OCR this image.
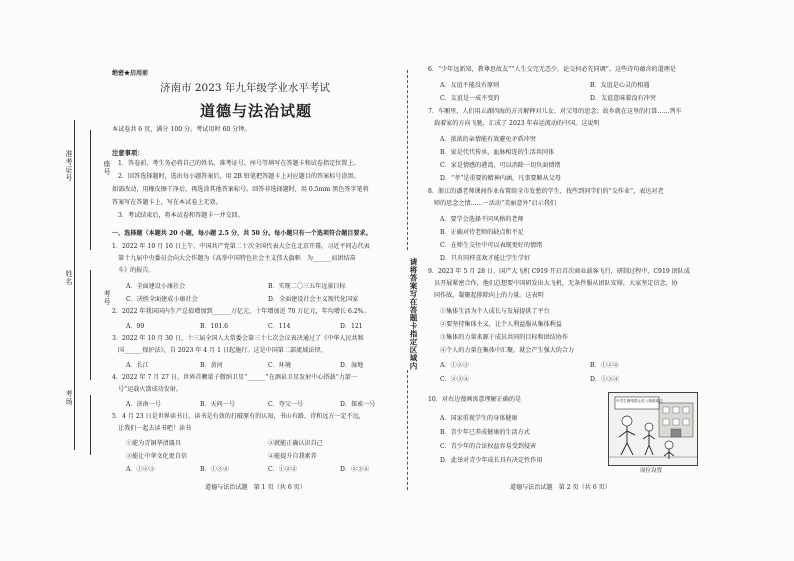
准考证号
姓名
考场
座号
考号
绝密★启用前
济南市 2023 年九年级学业水平考试
道德与法治试题
本试卷共 6 页，满分 100 分。考试用时 60 分钟。
注意事项：
1．答卷前，考生务必将自己的姓名、准考证号、座号等填写在答题卡和试卷指定位置上。
2．回答选择题时，选出每小题答案后，用 2B 铅笔把答题卡上对应题目的答案标号涂黑。
如需改动，用橡皮擦干净后，再选涂其他答案标号。回答非选择题时，用 0.5mm 黑色签字笔将
答案写在答题卡上，写在本试卷上无效。
3．考试结束后，将本试卷和答题卡一并交回。
一、选择题（本题共 20 小题，每小题 2.5 分，共 50 分。每小题只有一个选项符合题目要求。
1．2022 年 10 月 16 日上午，中国共产党第二十次全国代表大会在北京开幕。习近平同志代表
第十九届中央委员会向大会作题为《高举中国特色社会主义伟大旗帜　为______而团结奋
斗》的报告。
A．全面建设小康社会	B．实现二〇三五年远景目标
C．决胜全面建成小康社会	D．全面建设社会主义现代化国家
2．2022 年我国国内生产总值增加到______万亿元，十年增加近 70 万亿元，年均增长 6.2%。
A．99	B．101.6	C．114	D．121
3．2022 年 10 月 30 日，十三届全国人大常委会第三十七次会议表决通过了《中华人民共和
国______保护法》，自 2023 年 4 月 1 日起施行。这是中国第二部流域法律。
A．长江	B．黄河	C．环境	D．湿地
4．2022 年 7 月 27 日，世界首颗量子微纳卫星“______”在酒泉卫星发射中心搭载“力箭一
号”运载火箭成功发射。
A．济南一号	B．天问一号	C．夸父一号	D．探索一号
5．4 月 23 日是世界读书日。读书是有效的打破原有的认知，书山有路，诗和远方一定不远，
让我们一起去读书吧！读书
①能为青铜华清器具	②就能正确认识自己
③能让中华文化更自信	④能提升自我素养
A．①②③	B．①③④	C．①②④	D．②③④
道德与法治试题　第 1 页（共 6 页）
请将答案写在答题卡指定区域内
6．“少年远新知，教尊思故友”“人生交完无恙少，论交何必先同调”。这些诗句蕴含的道理是
A．友谊不能没有原则	B．友谊是心灵的相遇
C．友谊是一成不变的	D．友谊意味着没有冲突
7．车厢里，人们用五湖四海的方言解释对儿女、对父母的思念；故乡就在这里的打算……列车
载着家的方向飞驰，汇成了 2023 年春运流动的中国。这说明
A．浓浓的亲情能有效避免矛盾冲突
B．家是代代传承、血脉相连的生活共同体
C．家是情感的港湾，可以消除一切负面情绪
D．“孝”是重要的精神内涵，凡事要顺从父母
8．浙江的潘老师课间作业布置给全市发愁的学生，找些到同学们的“交作业”，表达对老
师的思念之情……一活动“美丽意外”启示我们
A．要学会选择不同风格的老师
B．正确对待老师的缺点和不足
C．在师生交往中可以表现更好的情绪
D．只有同样喜欢才能让学生学好
9．2023 年 5 月 28 日，国产大飞机 C919 开启首次商业载客飞行，研制过程中，C919 团队成
员开展紧密合作，他们总想要中国研发出大飞机，无条件服从团队安排，大家坚定信念，协
同作战，凝聚起排除向上的力量。这表明
①集体生活为个人成长与发展提供了平台
②要坚持集体主义，让个人利益服从集体利益
③集体的力量来源于成员共同的目标和团结协作
④个人的力量在集体中汇聚，就会产生强大的合力
A．①②③	B．①②④
C．②③④	D．①③④
10．对右边漫画寓意理解正确的是
A．国家重视学生的身体健康
B．青少年已养成健康的生活方式
C．青少年的合法权益容易受到侵害
D．此举对青少年成长具有决定性作用
中学生网络禁止进入校园周边
岗位设置
道德与法治试题　第 2 页（共 6 页）
